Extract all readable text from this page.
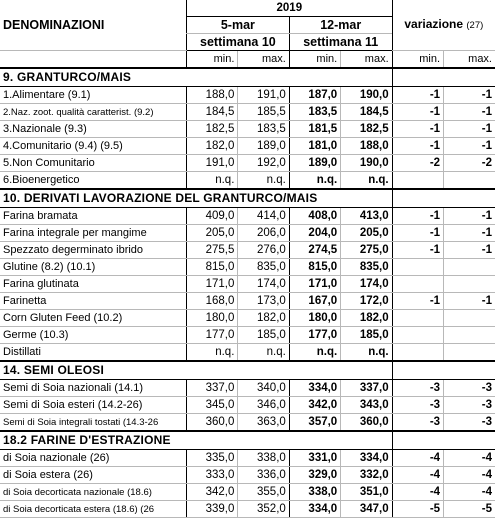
DENOMINAZIONI	2019				variazione (27)	
	5-mar		12-mar			
	settimana 10		settimana 11			
	min.	max.	min.	max.	min.	max.
9. GRANTURCO/MAIS						
1.Alimentare (9.1)	188,0	191,0	187,0	190,0	-1	-1
2.Naz. zoot. qualità caratterist. (9.2)	184,5	185,5	183,5	184,5	-1	-1
3.Nazionale (9.3)	182,5	183,5	181,5	182,5	-1	-1
4.Comunitario (9.4) (9.5)	182,0	189,0	181,0	188,0	-1	-1
5.Non Comunitario	191,0	192,0	189,0	190,0	-2	-2
6.Bioenergetico	n.q.	n.q.	n.q.	n.q.		
10. DERIVATI LAVORAZIONE DEL GRANTURCO/MAIS						
Farina bramata	409,0	414,0	408,0	413,0	-1	-1
Farina integrale per mangime	205,0	206,0	204,0	205,0	-1	-1
Spezzato degerminato ibrido	275,5	276,0	274,5	275,0	-1	-1
Glutine (8.2) (10.1)	815,0	835,0	815,0	835,0		
Farina glutinata	171,0	174,0	171,0	174,0		
Farinetta	168,0	173,0	167,0	172,0	-1	-1
Corn Gluten Feed (10.2)	180,0	182,0	180,0	182,0		
Germe (10.3)	177,0	185,0	177,0	185,0		
Distillati	n.q.	n.q.	n.q.	n.q.		
14. SEMI OLEOSI						
Semi di Soia nazionali (14.1)	337,0	340,0	334,0	337,0	-3	-3
Semi di Soia esteri (14.2-26)	345,0	346,0	342,0	343,0	-3	-3
Semi di Soia integrali tostati (14.3-26	360,0	363,0	357,0	360,0	-3	-3
18.2 FARINE D'ESTRAZIONE						
di Soia nazionale (26)	335,0	338,0	331,0	334,0	-4	-4
di Soia estera (26)	333,0	336,0	329,0	332,0	-4	-4
di Soia decorticata nazionale (18.6)	342,0	355,0	338,0	351,0	-4	-4
di Soia decorticata estera (18.6) (26	339,0	352,0	334,0	347,0	-5	-5
